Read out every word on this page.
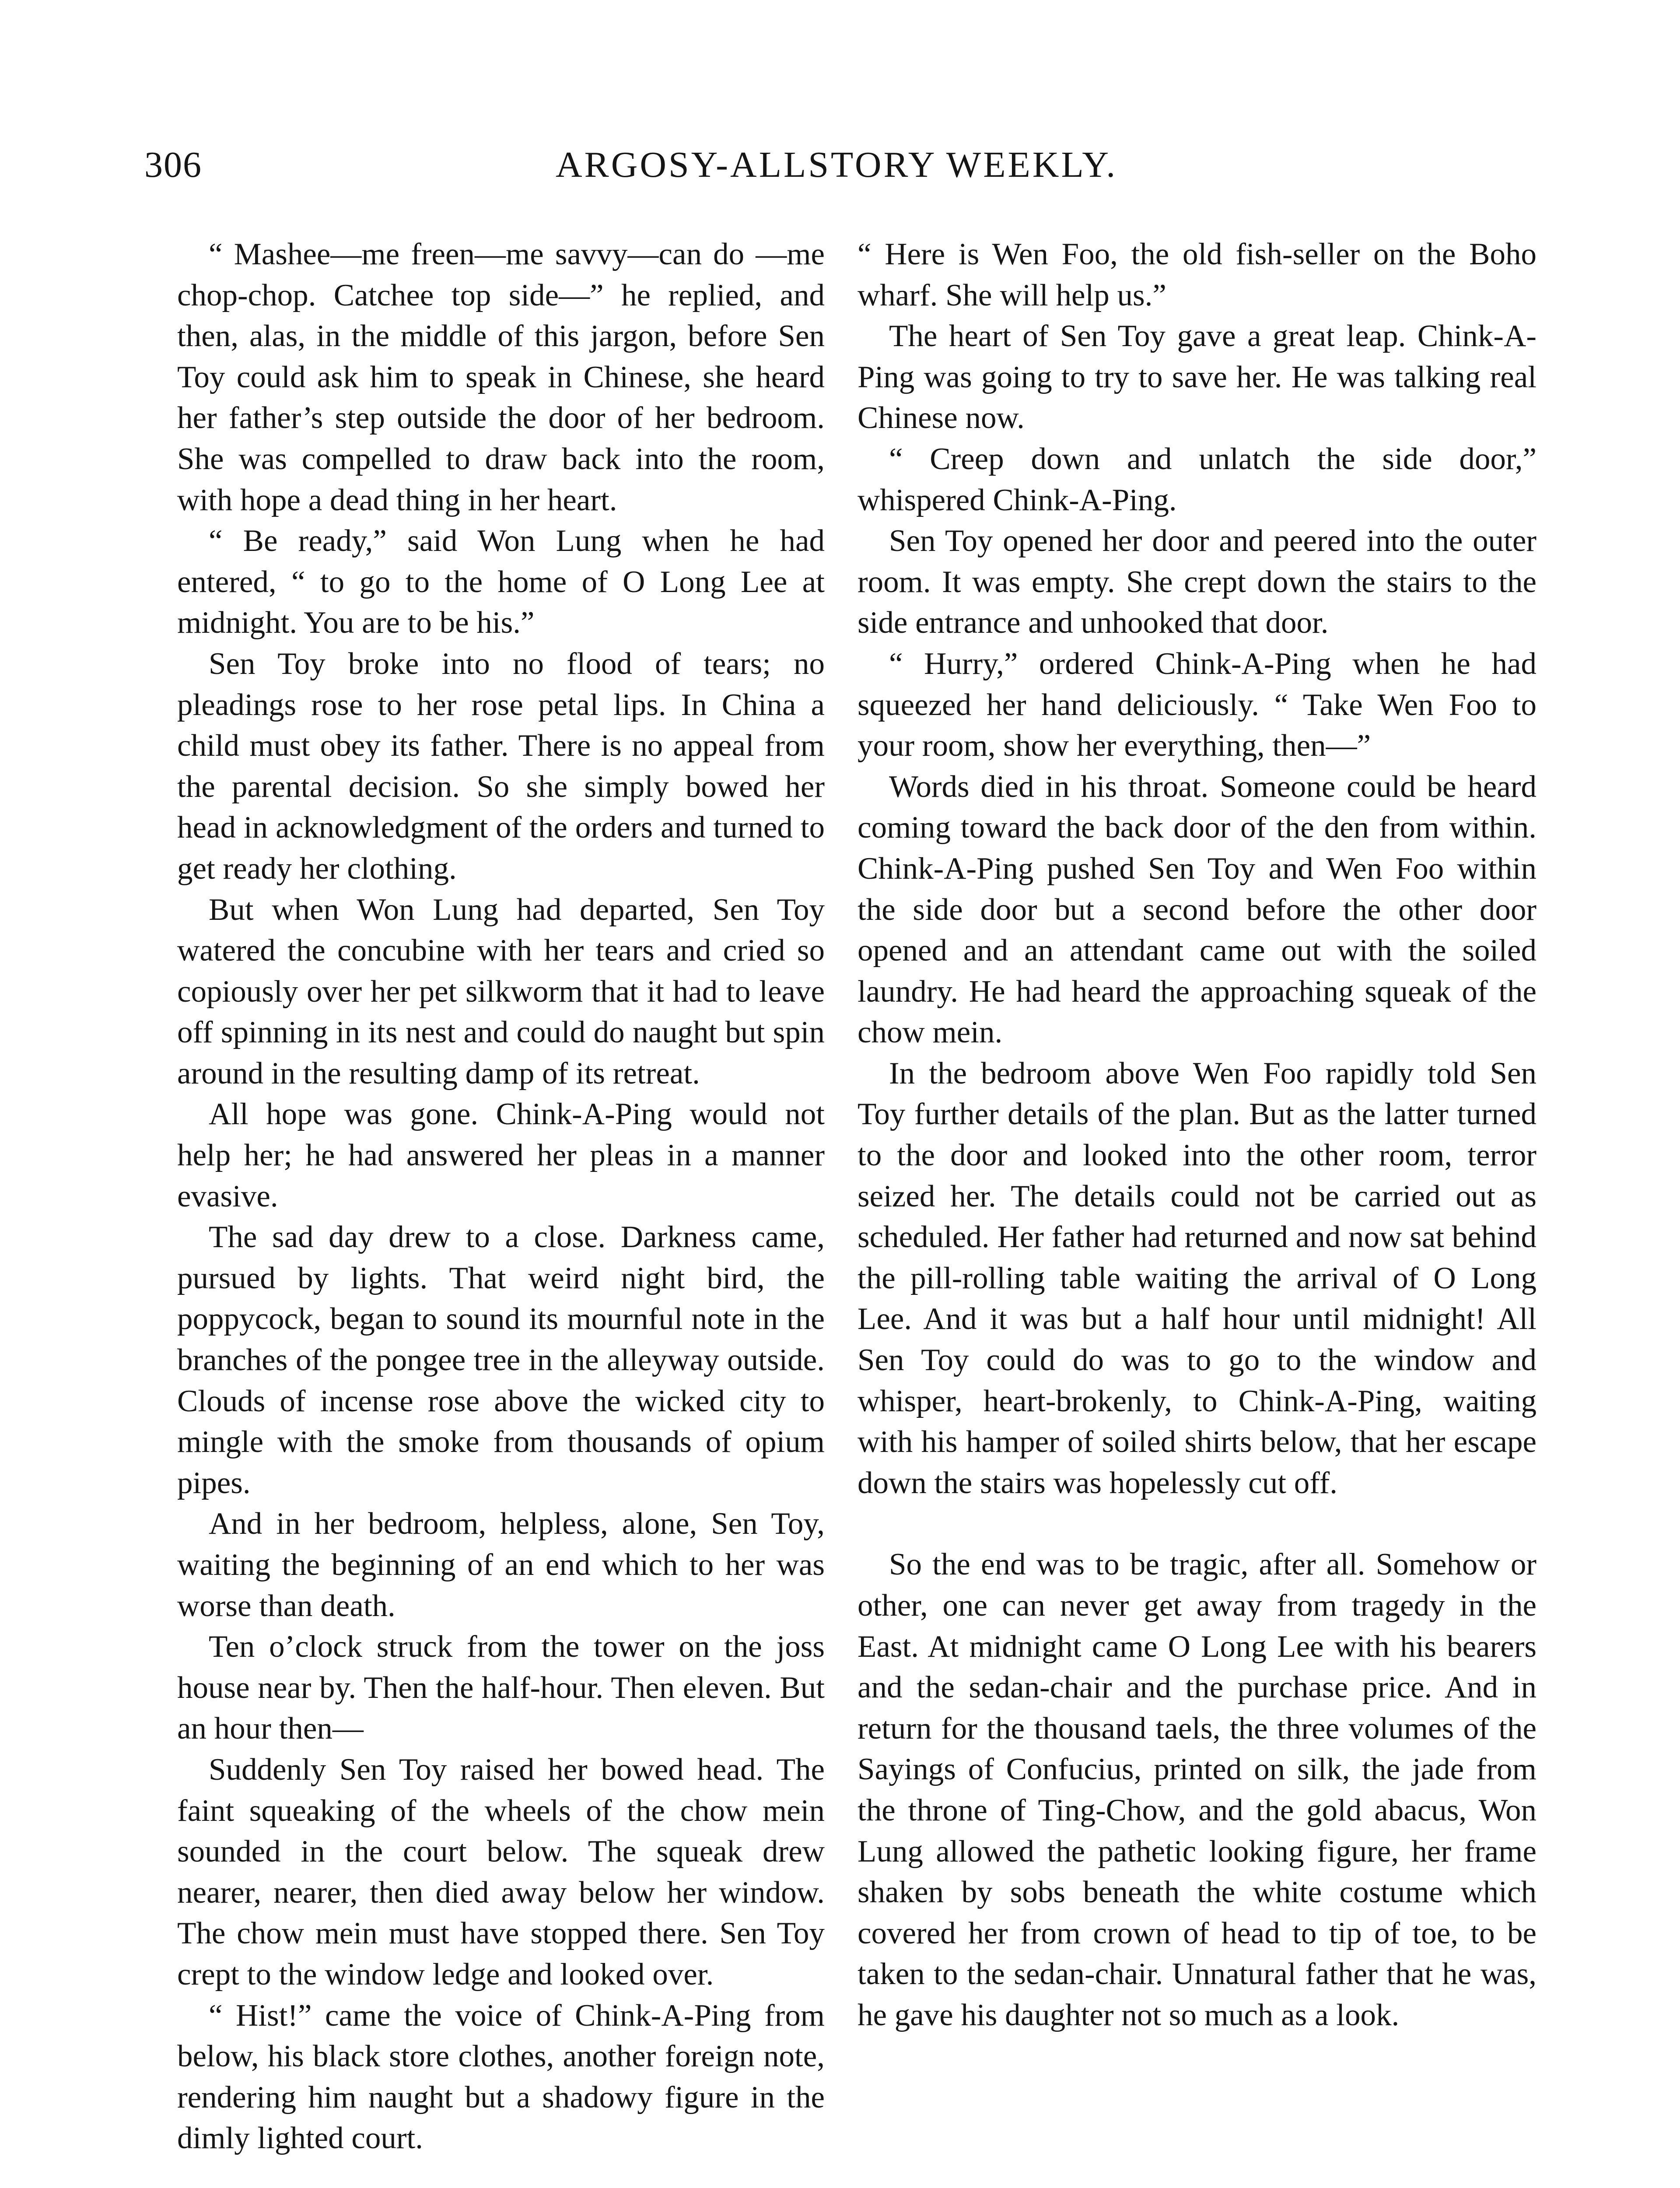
306	ARGOSY-ALLSTORY WEEKLY.

“ Mashee—me freen—me savvy—can do —me chop-chop. Catchee top side—” he replied, and then, alas, in the middle of this jargon, before Sen Toy could ask him to speak in Chinese, she heard her father’s step outside the door of her bedroom. She was compelled to draw back into the room, with hope a dead thing in her heart.

“ Be ready,” said Won Lung when he had entered, “ to go to the home of O Long Lee at midnight. You are to be his.”

Sen Toy broke into no flood of tears; no pleadings rose to her rose petal lips. In China a child must obey its father. There is no appeal from the parental decision. So she simply bowed her head in acknowledgment of the orders and turned to get ready her clothing.

But when Won Lung had departed, Sen Toy watered the concubine with her tears and cried so copiously over her pet silkworm that it had to leave off spinning in its nest and could do naught but spin around in the resulting damp of its retreat.

All hope was gone. Chink-A-Ping would not help her; he had answered her pleas in a manner evasive.

The sad day drew to a close. Darkness came, pursued by lights. That weird night bird, the poppycock, began to sound its mournful note in the branches of the pongee tree in the alleyway outside. Clouds of incense rose above the wicked city to mingle with the smoke from thousands of opium pipes.

And in her bedroom, helpless, alone, Sen Toy, waiting the beginning of an end which to her was worse than death.

Ten o’clock struck from the tower on the joss house near by. Then the half-hour. Then eleven. But an hour then—

Suddenly Sen Toy raised her bowed head. The faint squeaking of the wheels of the chow mein sounded in the court below. The squeak drew nearer, nearer, then died away below her window. The chow mein must have stopped there. Sen Toy crept to the window ledge and looked over.

“ Hist!” came the voice of Chink-A-Ping from below, his black store clothes, another foreign note, rendering him naught but a shadowy figure in the dimly lighted court.

“ Here is Wen Foo, the old fish-seller on the Boho wharf. She will help us.”

The heart of Sen Toy gave a great leap. Chink-A-Ping was going to try to save her. He was talking real Chinese now.

“ Creep down and unlatch the side door,” whispered Chink-A-Ping.

Sen Toy opened her door and peered into the outer room. It was empty. She crept down the stairs to the side entrance and unhooked that door.

“ Hurry,” ordered Chink-A-Ping when he had squeezed her hand deliciously. “ Take Wen Foo to your room, show her everything, then—”

Words died in his throat. Someone could be heard coming toward the back door of the den from within. Chink-A-Ping pushed Sen Toy and Wen Foo within the side door but a second before the other door opened and an attendant came out with the soiled laundry. He had heard the approaching squeak of the chow mein.

In the bedroom above Wen Foo rapidly told Sen Toy further details of the plan. But as the latter turned to the door and looked into the other room, terror seized her. The details could not be carried out as scheduled. Her father had returned and now sat behind the pill-rolling table waiting the arrival of O Long Lee. And it was but a half hour until midnight! All Sen Toy could do was to go to the window and whisper, heart-brokenly, to Chink-A-Ping, waiting with his hamper of soiled shirts below, that her escape down the stairs was hopelessly cut off.

So the end was to be tragic, after all. Somehow or other, one can never get away from tragedy in the East. At midnight came O Long Lee with his bearers and the sedan-chair and the purchase price. And in return for the thousand taels, the three volumes of the Sayings of Confucius, printed on silk, the jade from the throne of Ting-Chow, and the gold abacus, Won Lung allowed the pathetic looking figure, her frame shaken by sobs beneath the white costume which covered her from crown of head to tip of toe, to be taken to the sedan-chair. Unnatural father that he was, he gave his daughter not so much as a look.
